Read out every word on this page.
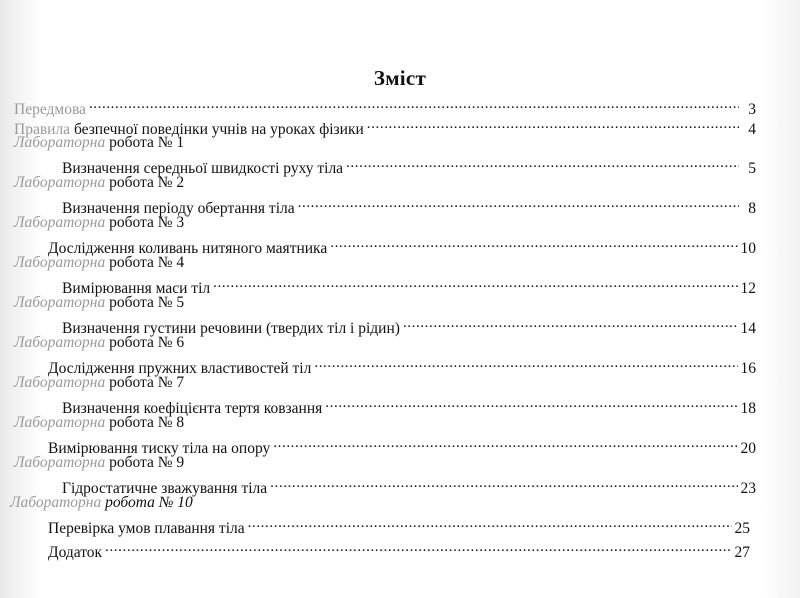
Зміст
Передмова .....	3
Правила безпечної поведінки учнів на уроках фізики .....	4
Лабораторна робота № 1
Визначення середньої швидкості руху тіла .....	5
Лабораторна робота № 2
Визначення періоду обертання тіла .....	8
Лабораторна робота № 3
Дослідження коливань нитяного маятника .....	10
Лабораторна робота № 4
Вимірювання маси тіл .....	12
Лабораторна робота № 5
Визначення густини речовини (твердих тіл і рідин) .....	14
Лабораторна робота № 6
Дослідження пружних властивостей тіл .....	16
Лабораторна робота № 7
Визначення коефіцієнта тертя ковзання .....	18
Лабораторна робота № 8
Вимірювання тиску тіла на опору .....	20
Лабораторна робота № 9
Гідростатичне зважування тіла .....	23
Лабораторна робота № 10
Перевірка умов плавання тіла .....	25
Додаток .....	27
